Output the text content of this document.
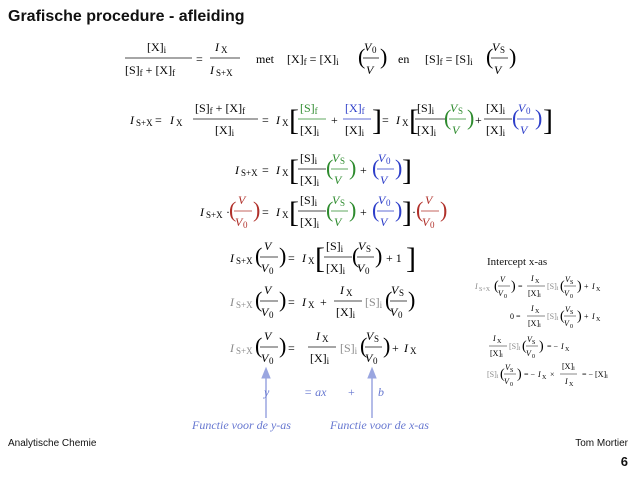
Grafische procedure - afleiding
[X]i
[S]f + [X]f
=
I X
I S+X
met [X]f = [X]i (
V 0
V
) en [S]f = [S]i (
V S
V
)
I S+X = I X
[S]f + [X]f
[X]i
= I X [ [S]f
[X]i
+
[X]f
[X]i ] = I X [
[S]i
[X]i
(
V S
V ) +
[X]i
[X]i
(
V 0
V ) ]
I S+X = I X [ [S]i
[X]i
(
V S
V ) + (
V 0
V ) ]
I S+X · ( V
V 0
) = I X [ [S]i
[X]i
(
V S
V ) + (
V 0
V ) ] · ( V
V 0
)
I S+X ( V
V 0
) = I X [ [S]i
[X]i
(
V S
V 0
) + 1 ]
I S+X ( V
V 0
) = I X +
I X
[X]i
[S]i (
V S
V 0
)
I S+X ( V
V 0
) =
I X
[X]i
[S]i (
V S
V 0
) + I X
y	= ax + b
I S+X ( V
V 0
) =
I X
[X]i
[S]i ( V S
V 0
) + I X
0 =
I X
[X]i
[S]i ( V S
V 0
) + I X
I X
[X]i
[S]i ( V S
V 0
) = − I X
[S]i ( V S
V 0
) = − I X ×
[X]i
I X
= − [X]i
Intercept x-as
Functie voor de y-as	Functie voor de x-as
Analytische Chemie	Tom Mortier
6
